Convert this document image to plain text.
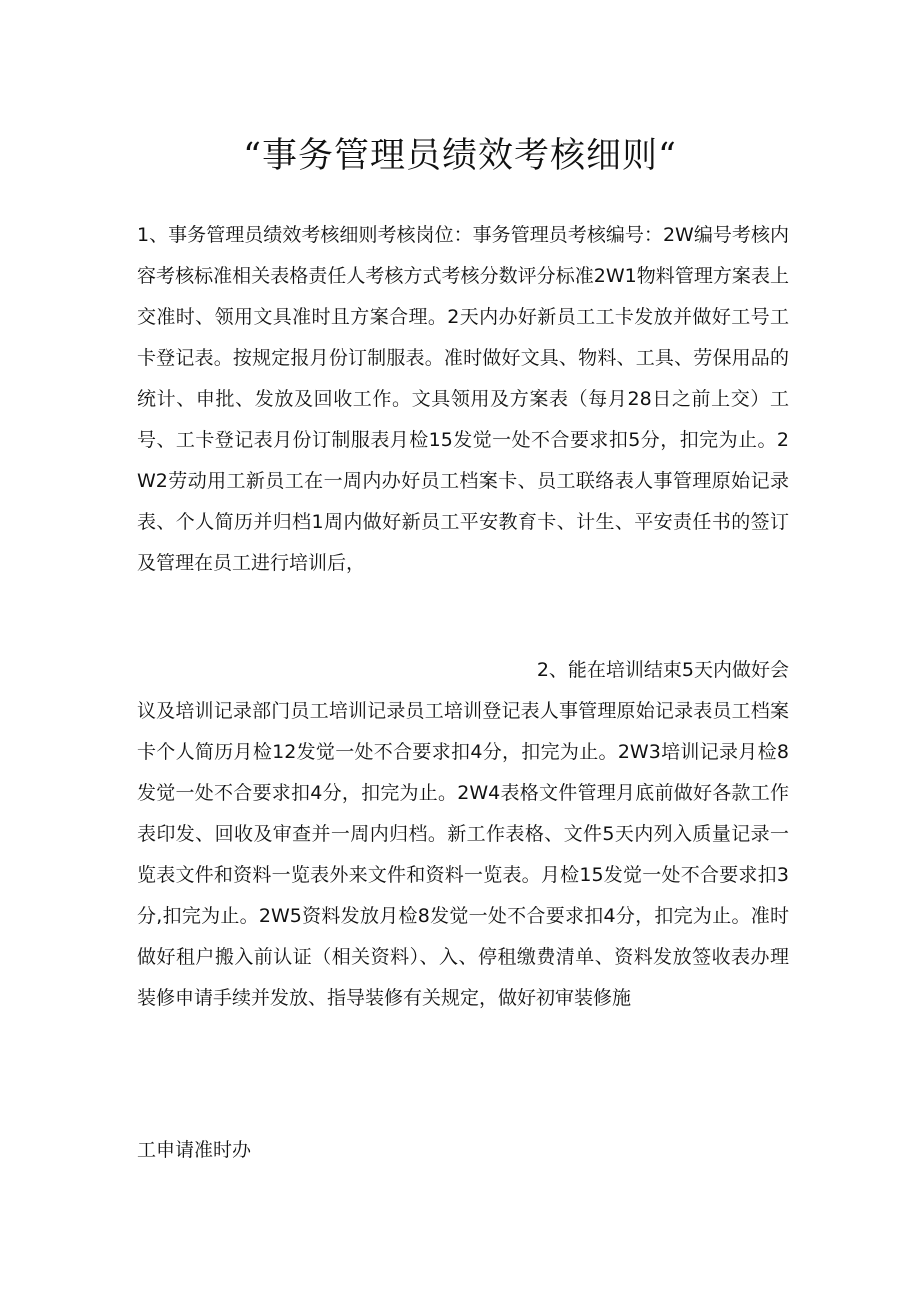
“事务管理员绩效考核细则“
1、事务管理员绩效考核细则考核岗位：事务管理员考核编号：2W编号考核内容考核标准相关表格责任人考核方式考核分数评分标准2W1物料管理方案表上交准时、领用文具准时且方案合理。2天内办好新员工工卡发放并做好工号工卡登记表。按规定报月份订制服表。准时做好文具、物料、工具、劳保用品的统计、申批、发放及回收工作。文具领用及方案表（每月28日之前上交）工号、工卡登记表月份订制服表月检15发觉一处不合要求扣5分，扣完为止。2W2劳动用工新员工在一周内办好员工档案卡、员工联络表人事管理原始记录表、个人简历并归档1周内做好新员工平安教育卡、计生、平安责任书的签订及管理在员工进行培训后，
2、能在培训结束5天内做好会
议及培训记录部门员工培训记录员工培训登记表人事管理原始记录表员工档案卡个人简历月检12发觉一处不合要求扣4分，扣完为止。2W3培训记录月检8发觉一处不合要求扣4分，扣完为止。2W4表格文件管理月底前做好各款工作表印发、回收及审查并一周内归档。新工作表格、文件5天内列入质量记录一览表文件和资料一览表外来文件和资料一览表。月检15发觉一处不合要求扣3分,扣完为止。2W5资料发放月检8发觉一处不合要求扣4分，扣完为止。准时做好租户搬入前认证（相关资料）、入、停租缴费清单、资料发放签收表办理装修申请手续并发放、指导装修有关规定，做好初审装修施
工申请准时办
